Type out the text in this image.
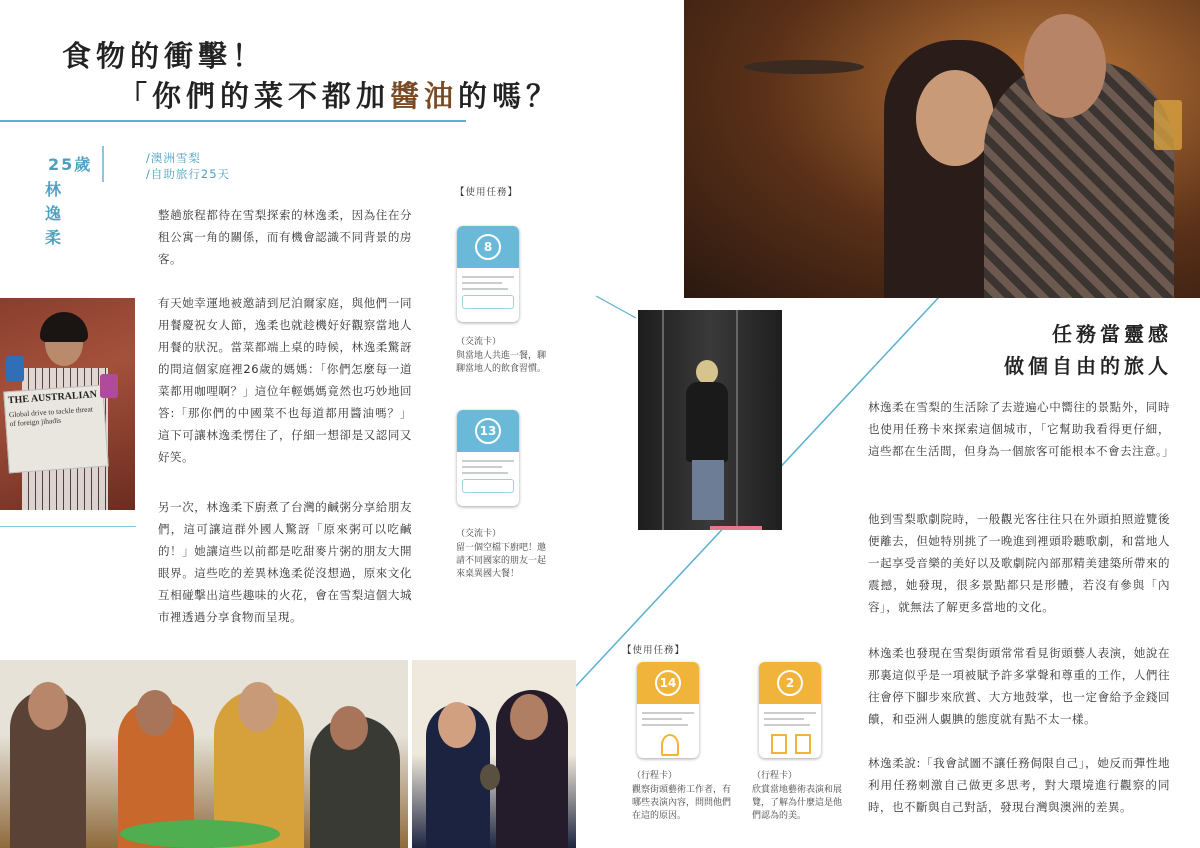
食物的衝擊！
「你們的菜不都加醬油的嗎？
25歲
林逸柔
/澳洲雪梨
/自助旅行25天
整趟旅程都待在雪梨探索的林逸柔，因為住在分租公寓一角的關係，而有機會認識不同背景的房客。
有天她幸運地被邀請到尼泊爾家庭，與他們一同用餐慶祝女人節，逸柔也就趁機好好觀察當地人用餐的狀況。當菜都端上桌的時候，林逸柔驚訝的問這個家庭裡26歲的媽媽：「你們怎麼每一道菜都用咖哩啊？」這位年輕媽媽竟然也巧妙地回答:「那你們的中國菜不也每道都用醬油嗎？」這下可讓林逸柔愣住了，仔細一想卻是又認同又好笑。
另一次，林逸柔下廚煮了台灣的鹹粥分享給朋友們，這可讓這群外國人驚訝「原來粥可以吃鹹的！」她讓這些以前都是吃甜麥片粥的朋友大開眼界。這些吃的差異林逸柔從沒想過，原來文化互相碰擊出這些趣味的火花，會在雪梨這個大城市裡透過分享食物而呈現。
THE AUSTRALIAN
Global drive to tackle threat of foreign jihadis
【使用任務】
8
（交流卡）
與當地人共進一餐，聊聊當地人的飲食習慣。
13
（交流卡）
留一個空檔下廚吧！邀請不同國家的朋友一起來桌異國大餐！
任務當靈感
做個自由的旅人
林逸柔在雪梨的生活除了去遊遍心中嚮往的景點外，同時也使用任務卡來探索這個城市，「它幫助我看得更仔細，這些都在生活間，但身為一個旅客可能根本不會去注意。」
他到雪梨歌劇院時，一般觀光客往往只在外頭拍照遊覽後便離去，但她特別挑了一晚進到裡頭聆聽歌劇，和當地人一起享受音樂的美好以及歌劇院內部那精美建築所帶來的震撼，她發現，很多景點都只是形體，若沒有參與「內容」，就無法了解更多當地的文化。
林逸柔也發現在雪梨街頭常常看見街頭藝人表演，她說在那裏這似乎是一項被賦予許多掌聲和尊重的工作，人們往往會停下腳步來欣賞、大方地鼓掌，也一定會給予金錢回饋，和亞洲人覷腆的態度就有點不太一樣。
林逸柔說:「我會試圖不讓任務侷限自己」，她反而彈性地利用任務刺激自己做更多思考，對大環境進行觀察的同時，也不斷與自己對話，發現台灣與澳洲的差異。
【使用任務】
14
（行程卡）
觀察街頭藝術工作者，有哪些表演內容，問問他們在這的原因。
2
（行程卡）
欣賞當地藝術表演和展覽，了解為什麼這是他們認為的美。
